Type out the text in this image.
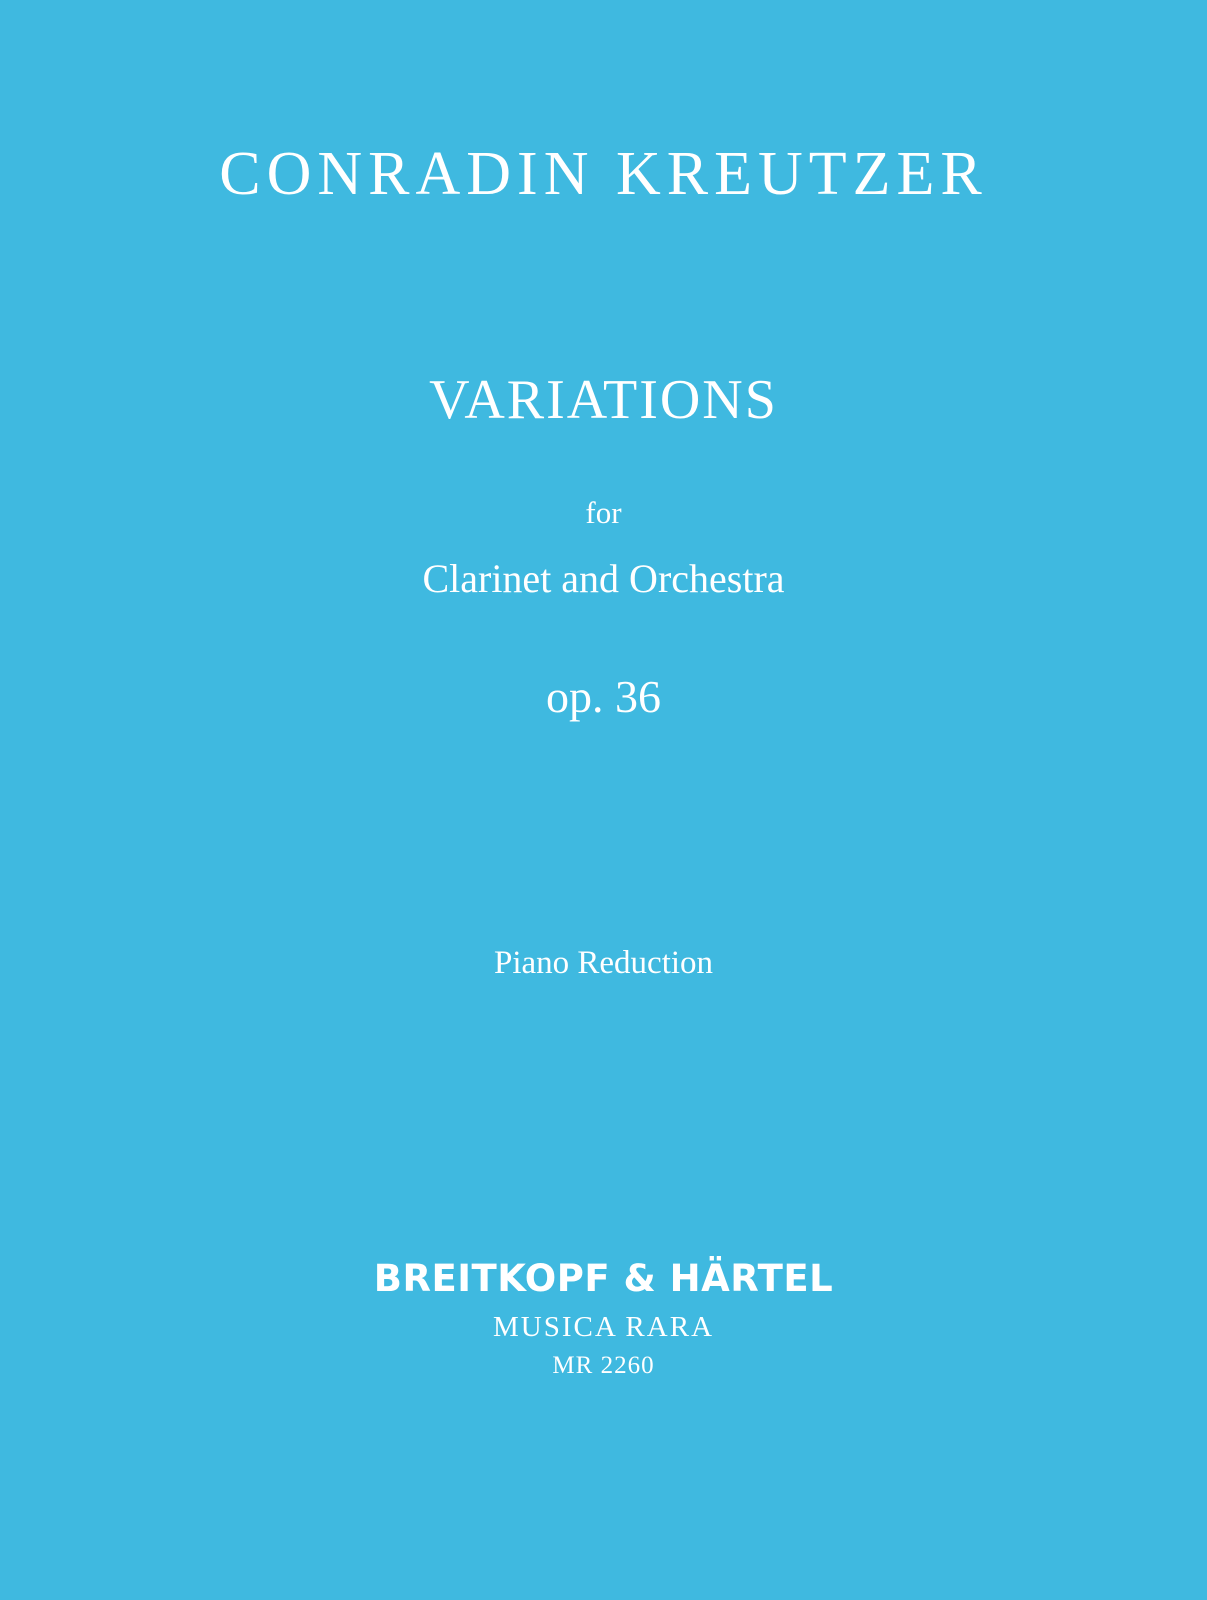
CONRADIN KREUTZER
VARIATIONS
for
Clarinet and Orchestra
op. 36
Piano Reduction
BREITKOPF & HÄRTEL
MUSICA RARA
MR 2260
